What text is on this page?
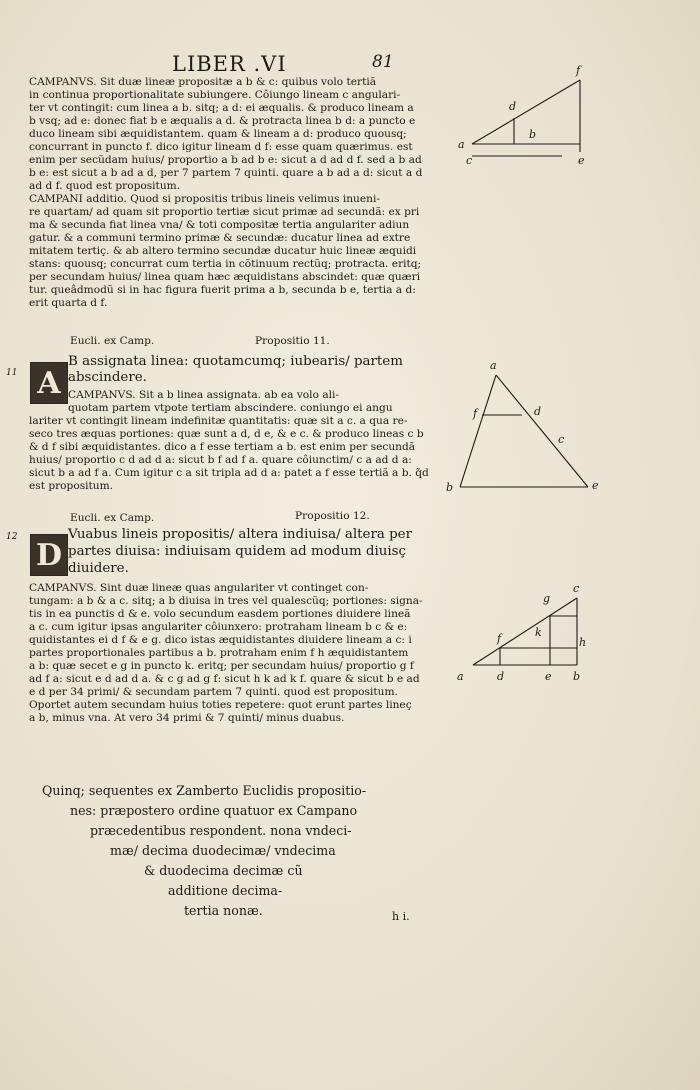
LIBER .VI	81
CAMPANVS. Sit duæ lineæ propositæ a b & c: quibus volo tertiã
in continua proportionalitate subiungere. Côiungo lineam c angulari-
ter vt contingit: cum linea a b. sitq; a d: ei æqualis. & produco lineam a
b vsq; ad e: donec fiat b e æqualis a d. & protracta linea b d: a puncto e
duco lineam sibi æquidistantem. quam & lineam a d: produco quousq;
concurrant in puncto f. dico igitur lineam d f: esse quam quærimus. est
enim per secũdam huius/ proportio a b ad b e: sicut a d ad d f. sed a b ad
b e: est sicut a b ad a d, per 7 partem 7 quinti. quare a b ad a d: sicut a d
ad d f. quod est propositum.
CAMPANI additio. Quod si propositis tribus lineis velimus inueni-
re quartam/ ad quam sit proportio tertiæ sicut primæ ad secundã: ex pri
ma & secunda fiat linea vna/ & toti compositæ tertia angulariter adiun
gatur. & a communi termino primæ & secundæ: ducatur linea ad extre
mitatem tertiç. & ab altero termino secundæ ducatur huic lineæ æquidi
stans: quousq; concurrat cum tertia in cõtinuum rectũq; protracta. eritq;
per secundam huius/ linea quam hæc æquidistans abscindet: quæ quæri
tur. queâdmodũ si in hac figura fuerit prima a b, secunda b e, tertia a d:
erit quarta d f.
f
d
b
a
c	e
11
Eucli. ex Camp.	Propositio 11.
A
B assignata linea: quotamcumq; iubearis/ partem
abscindere.
CAMPANVS. Sit a b linea assignata. ab ea volo ali-
quotam partem vtpote tertiam abscindere. coniungo ei angu
lariter vt contingit lineam indefinitæ quantitatis: quæ sit a c. a qua re-
seco tres æquas portiones: quæ sunt a d, d e, & e c. & produco lineas c b
& d f sibi æquidistantes. dico a f esse tertiam a b. est enim per secundã
huius/ proportio c d ad d a: sicut b f ad f a. quare côiunctim/ c a ad d a:
sicut b a ad f a. Cum igitur c a sit tripla ad d a: patet a f esse tertiã a b. q̃d
est propositum.
a
f	d
c
b	e
12
Eucli. ex Camp.	Propositio 12.
D
Vuabus lineis propositis/ altera indiuisa/ altera per
partes diuisa: indiuisam quidem ad modum diuisç
diuidere.
CAMPANVS. Sint duæ lineæ quas angulariter vt continget con-
tungam: a b & a c. sitq; a b diuisa in tres vel qualescũq; portiones: signa-
tis in ea punctis d & e. volo secundum easdem portiones diuidere lineã
a c. cum igitur ipsas angulariter côiunxero: protraham lineam b c & e:
quidistantes ei d f & e g. dico istas æquidistantes diuidere lineam a c: i
partes proportionales partibus a b. protraham enim f h æquidistantem
a b: quæ secet e g in puncto k. eritq; per secundam huius/ proportio g f
ad f a: sicut e d ad d a. & c g ad g f: sicut h k ad k f. quare & sicut b e ad
e d per 34 primi/ & secundam partem 7 quinti. quod est propositum.
Oportet autem secundam huius toties repetere: quot erunt partes lineç
a b, minus vna. At vero 34 primi & 7 quinti/ minus duabus.
c
g
k
f	h
a	d	e b
Quinq; sequentes ex Zamberto Euclidis propositio-
nes: præpostero ordine quatuor ex Campano
præcedentibus respondent. nona vndeci-
mæ/ decima duodecimæ/ vndecima
& duodecima decimæ cũ
additione decima-
tertia nonæ.	h i.
